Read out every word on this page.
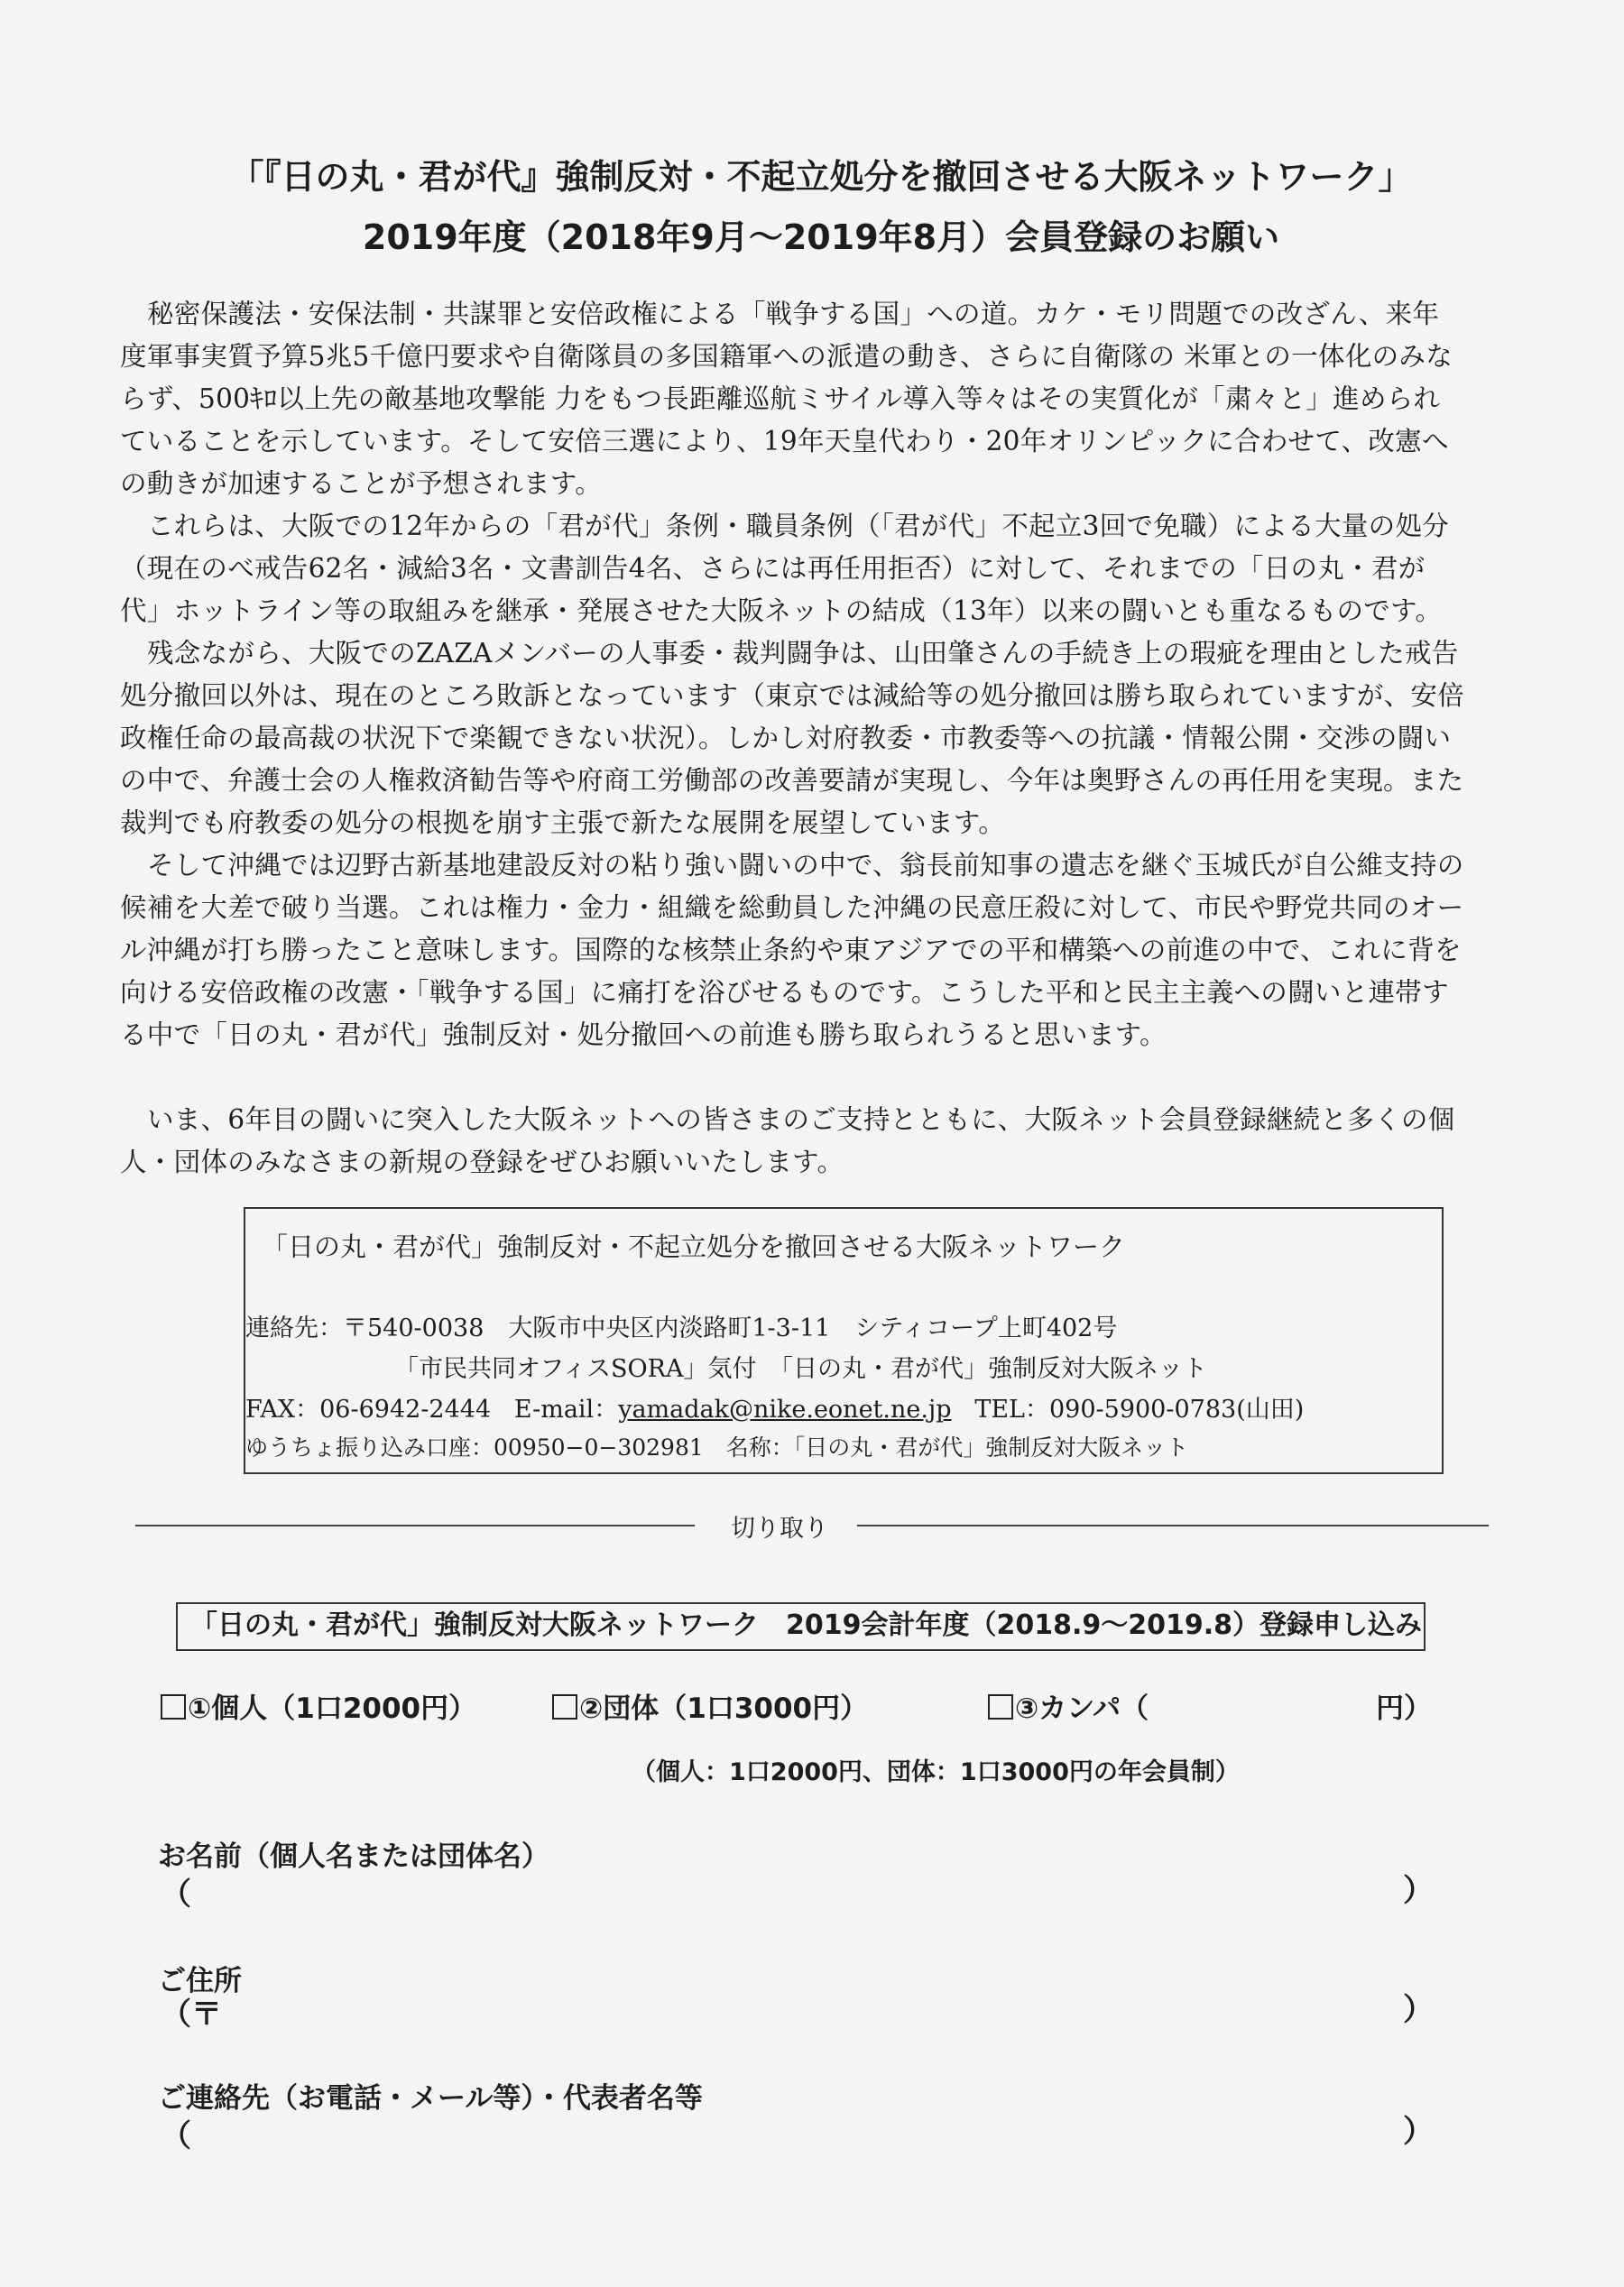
「『日の丸・君が代』強制反対・不起立処分を撤回させる大阪ネットワーク」
2019年度（2018年9月〜2019年8月）会員登録のお願い

秘密保護法・安保法制・共謀罪と安倍政権による「戦争する国」への道。カケ・モリ問題での改ざん、来年度軍事実質予算5兆5千億円要求や自衛隊員の多国籍軍への派遣の動き、さらに自衛隊の 米軍との一体化のみならず、500ｷﾛ以上先の敵基地攻撃能 力をもつ長距離巡航ミサイル導入等々はその実質化が「粛々と」進められていることを示しています。そして安倍三選により、19年天皇代わり・20年オリンピックに合わせて、改憲への動きが加速することが予想されます。

これらは、大阪での12年からの「君が代」条例・職員条例（「君が代」不起立3回で免職）による大量の処分（現在のべ戒告62名・減給3名・文書訓告4名、さらには再任用拒否）に対して、それまでの「日の丸・君が代」ホットライン等の取組みを継承・発展させた大阪ネットの結成（13年）以来の闘いとも重なるものです。

残念ながら、大阪でのZAZAメンバーの人事委・裁判闘争は、山田肇さんの手続き上の瑕疵を理由とした戒告処分撤回以外は、現在のところ敗訴となっています（東京では減給等の処分撤回は勝ち取られていますが、安倍政権任命の最高裁の状況下で楽観できない状況）。しかし対府教委・市教委等への抗議・情報公開・交渉の闘いの中で、弁護士会の人権救済勧告等や府商工労働部の改善要請が実現し、今年は奥野さんの再任用を実現。また裁判でも府教委の処分の根拠を崩す主張で新たな展開を展望しています。

そして沖縄では辺野古新基地建設反対の粘り強い闘いの中で、翁長前知事の遺志を継ぐ玉城氏が自公維支持の候補を大差で破り当選。これは権力・金力・組織を総動員した沖縄の民意圧殺に対して、市民や野党共同のオール沖縄が打ち勝ったこと意味します。国際的な核禁止条約や東アジアでの平和構築への前進の中で、これに背を向ける安倍政権の改憲・「戦争する国」に痛打を浴びせるものです。こうした平和と民主主義への闘いと連帯する中で「日の丸・君が代」強制反対・処分撤回への前進も勝ち取られうると思います。

いま、6年目の闘いに突入した大阪ネットへの皆さまのご支持とともに、大阪ネット会員登録継続と多くの個人・団体のみなさまの新規の登録をぜひお願いいたします。

「日の丸・君が代」強制反対・不起立処分を撤回させる大阪ネットワーク
連絡先：〒540-0038　大阪市中央区内淡路町1-3-11　シティコープ上町402号
「市民共同オフィスSORA」気付　「日の丸・君が代」強制反対大阪ネット
FAX：06-6942-2444 E-mail：yamadak@nike.eonet.ne.jp TEL：090-5900-0783(山田)
ゆうちょ振り込み口座：00950−0−302981　名称：「日の丸・君が代」強制反対大阪ネット
切り取り
「日の丸・君が代」強制反対大阪ネットワーク　2019会計年度（2018.9〜2019.8）登録申し込み
①個人（1口2000円）	②団体（1口3000円）	③カンパ（	円）
（個人：1口2000円、団体：1口3000円の年会員制）
お名前（個人名または団体名）
（	）
ご住所
（〒	）
ご連絡先（お電話・メール等）・代表者名等
（	）
